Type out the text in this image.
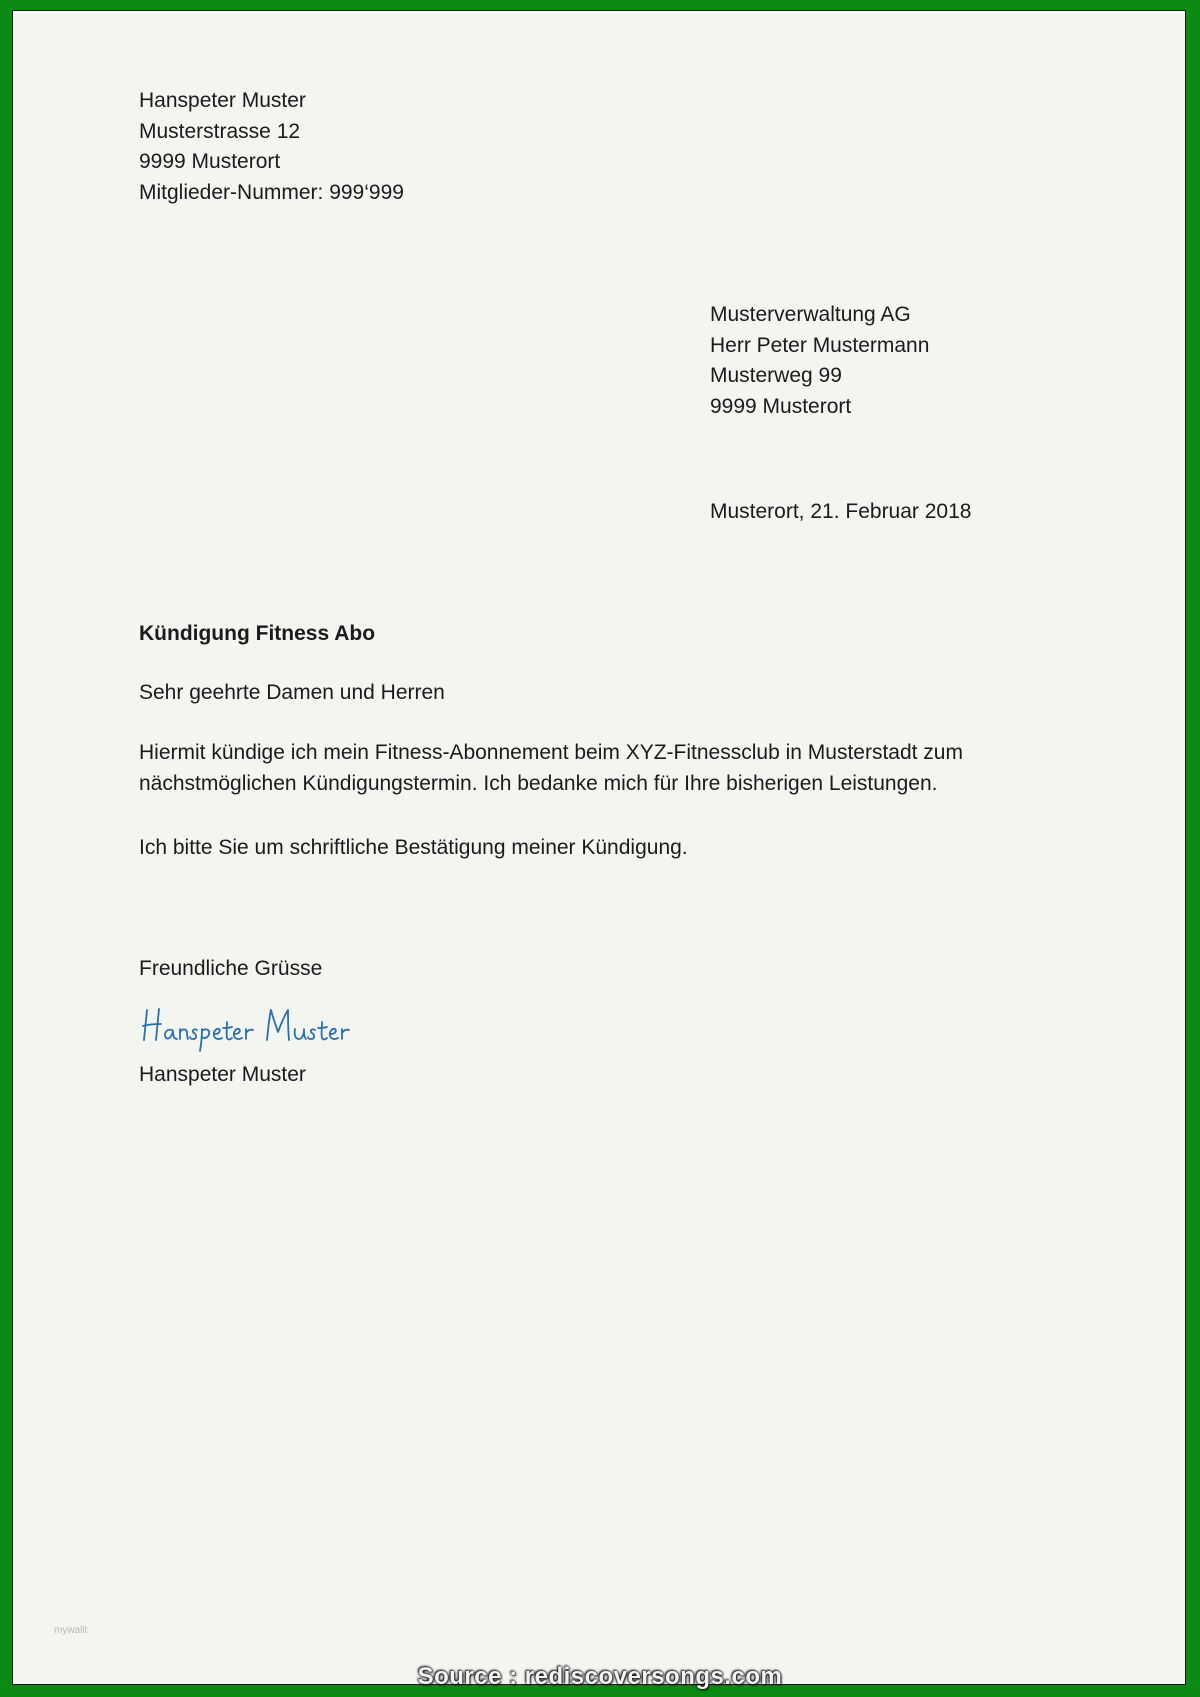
Hanspeter Muster
Musterstrasse 12
9999 Musterort
Mitglieder-Nummer: 999‘999
Musterverwaltung AG
Herr Peter Mustermann
Musterweg 99
9999 Musterort
Musterort, 21. Februar 2018
Kündigung Fitness Abo
Sehr geehrte Damen und Herren
Hiermit kündige ich mein Fitness-Abonnement beim XYZ-Fitnessclub in Musterstadt zum
nächstmöglichen Kündigungstermin. Ich bedanke mich für Ihre bisherigen Leistungen.
Ich bitte Sie um schriftliche Bestätigung meiner Kündigung.
Freundliche Grüsse
Hanspeter Muster
mywalit
Source : rediscoversongs.com
